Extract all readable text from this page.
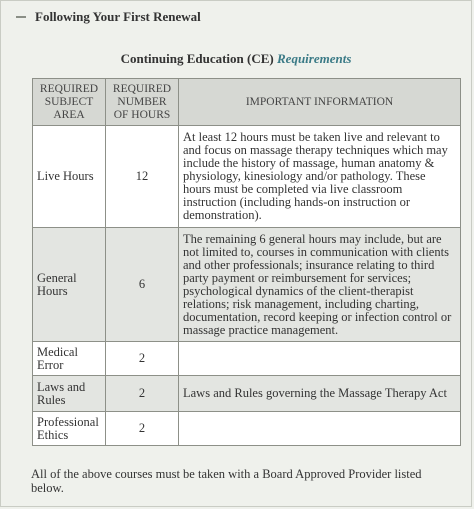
Following Your First Renewal
Continuing Education (CE) Requirements
REQUIRED SUBJECT AREA	REQUIRED NUMBER OF HOURS	IMPORTANT INFORMATION
Live Hours	12	At least 12 hours must be taken live and relevant to and focus on massage therapy techniques which may include the history of massage, human anatomy & physiology, kinesiology and/or pathology. These hours must be completed via live classroom instruction (including hands-on instruction or demonstration).
General Hours	6	The remaining 6 general hours may include, but are not limited to, courses in communication with clients and other professionals; insurance relating to third party payment or reimbursement for services; psychological dynamics of the client-therapist relations; risk management, including charting, documentation, record keeping or infection control or massage practice management.
Medical Error	2	
Laws and Rules	2	Laws and Rules governing the Massage Therapy Act
Professional Ethics	2	
All of the above courses must be taken with a Board Approved Provider listed below.
